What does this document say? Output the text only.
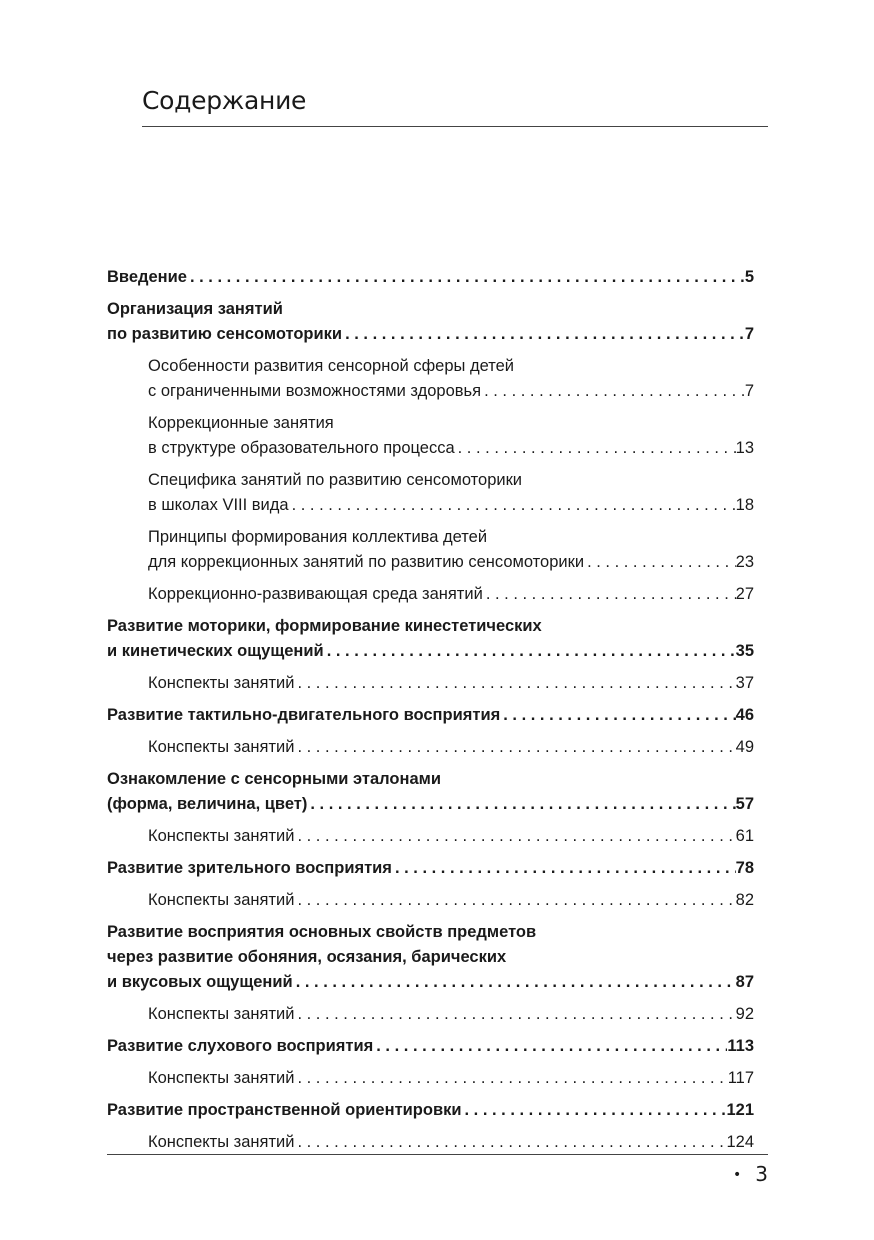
Содержание
Введение . . .	5
Организация занятий
по развитию сенсомоторики . . .	7
Особенности развития сенсорной сферы детей
с ограниченными возможностями здоровья . . .	7
Коррекционные занятия
в структуре образовательного процесса . . .	13
Специфика занятий по развитию сенсомоторики
в школах VIII вида . . .	18
Принципы формирования коллектива детей
для коррекционных занятий по развитию сенсомоторики . . .	23
Коррекционно-развивающая среда занятий . . .	27
Развитие моторики, формирование кинестетических
и кинетических ощущений . . .	35
Конспекты занятий . . .	37
Развитие тактильно-двигательного восприятия . . .	46
Конспекты занятий . . .	49
Ознакомление с сенсорными эталонами
(форма, величина, цвет) . . .	57
Конспекты занятий . . .	61
Развитие зрительного восприятия . . .	78
Конспекты занятий . . .	82
Развитие восприятия основных свойств предметов
через развитие обоняния, осязания, барических
и вкусовых ощущений . . .	87
Конспекты занятий . . .	92
Развитие слухового восприятия . . .	113
Конспекты занятий . . .	117
Развитие пространственной ориентировки . . .	121
Конспекты занятий . . .	124
• 3
